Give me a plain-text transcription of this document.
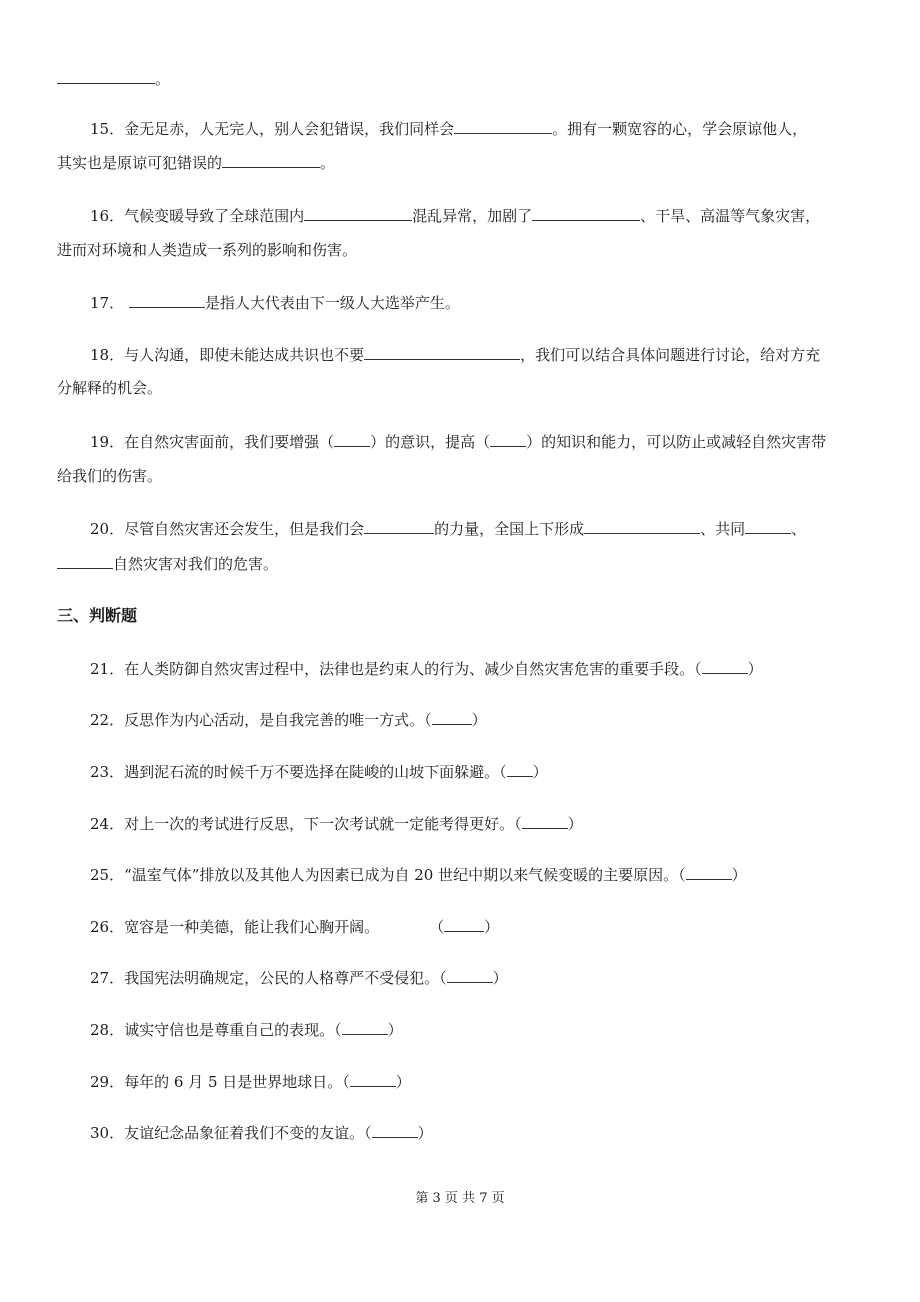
。
15．金无足赤，人无完人，别人会犯错误，我们同样会	。拥有一颗宽容的心，学会原谅他人，
其实也是原谅可犯错误的	。
16．气候变暖导致了全球范围内	混乱异常，加剧了	、干旱、高温等气象灾害，
进而对环境和人类造成一系列的影响和伤害。
17．	是指人大代表由下一级人大选举产生。
18．与人沟通，即使未能达成共识也不要	，我们可以结合具体问题进行讨论，给对方充
分解释的机会。
19．在自然灾害面前，我们要增强（ ）的意识，提高（ ）的知识和能力，可以防止或减轻自然灾害带
给我们的伤害。
20．尽管自然灾害还会发生，但是我们会	的力量，全国上下形成	、共同	、
自然灾害对我们的危害。
三、判断题
21．在人类防御自然灾害过程中，法律也是约束人的行为、减少自然灾害危害的重要手段。（	）
22．反思作为内心活动，是自我完善的唯一方式。（	）
23．遇到泥石流的时候千万不要选择在陡峻的山坡下面躲避。（ ）
24．对上一次的考试进行反思，下一次考试就一定能考得更好。（	）
25．“温室气体”排放以及其他人为因素已成为自 20 世纪中期以来气候变暖的主要原因。（	）
26．宽容是一种美德，能让我们心胸开阔。	（	）
27．我国宪法明确规定，公民的人格尊严不受侵犯。（	）
28．诚实守信也是尊重自己的表现。（	）
29．每年的 6 月 5 日是世界地球日。（	）
30．友谊纪念品象征着我们不变的友谊。（	）
第 3 页 共 7 页
